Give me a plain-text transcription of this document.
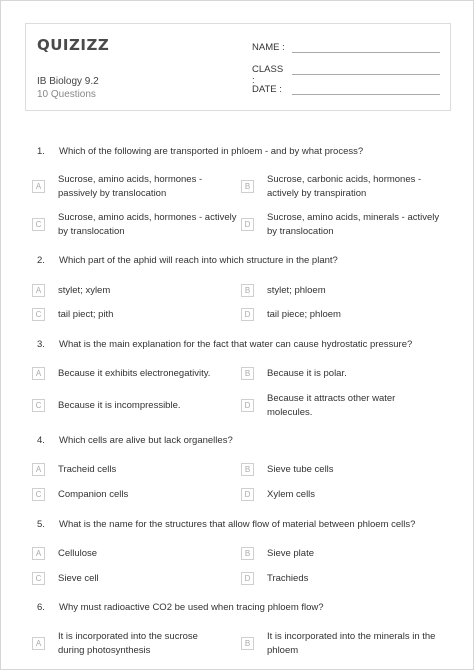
QUIZIZZ
IB Biology 9.2
10 Questions
NAME :
CLASS :
DATE :
1.	Which of the following are transported in phloem - and by what process?
A
Sucrose, amino acids, hormones - passively by translocation
B
Sucrose, carbonic acids, hormones - actively by transpiration
C
Sucrose, amino acids, hormones - actively by translocation
D
Sucrose, amino acids, minerals - actively by translocation
2.	Which part of the aphid will reach into which structure in the plant?
A	stylet; xylem	B	stylet; phloem
C	tail piect; pith	D	tail piece; phloem
3.	What is the main explanation for the fact that water can cause hydrostatic pressure?
A	Because it exhibits electronegativity.	B	Because it is polar.
C	Because it is incompressible.	D
Because it attracts other water molecules.
4.	Which cells are alive but lack organelles?
A	Tracheid cells	B	Sieve tube cells
C	Companion cells	D	Xylem cells
5.	What is the name for the structures that allow flow of material between phloem cells?
A	Cellulose	B	Sieve plate
C	Sieve cell	D	Trachieds
6.	Why must radioactive CO2 be used when tracing phloem flow?
A
It is incorporated into the sucrose during photosynthesis
B
It is incorporated into the minerals in the phloem
